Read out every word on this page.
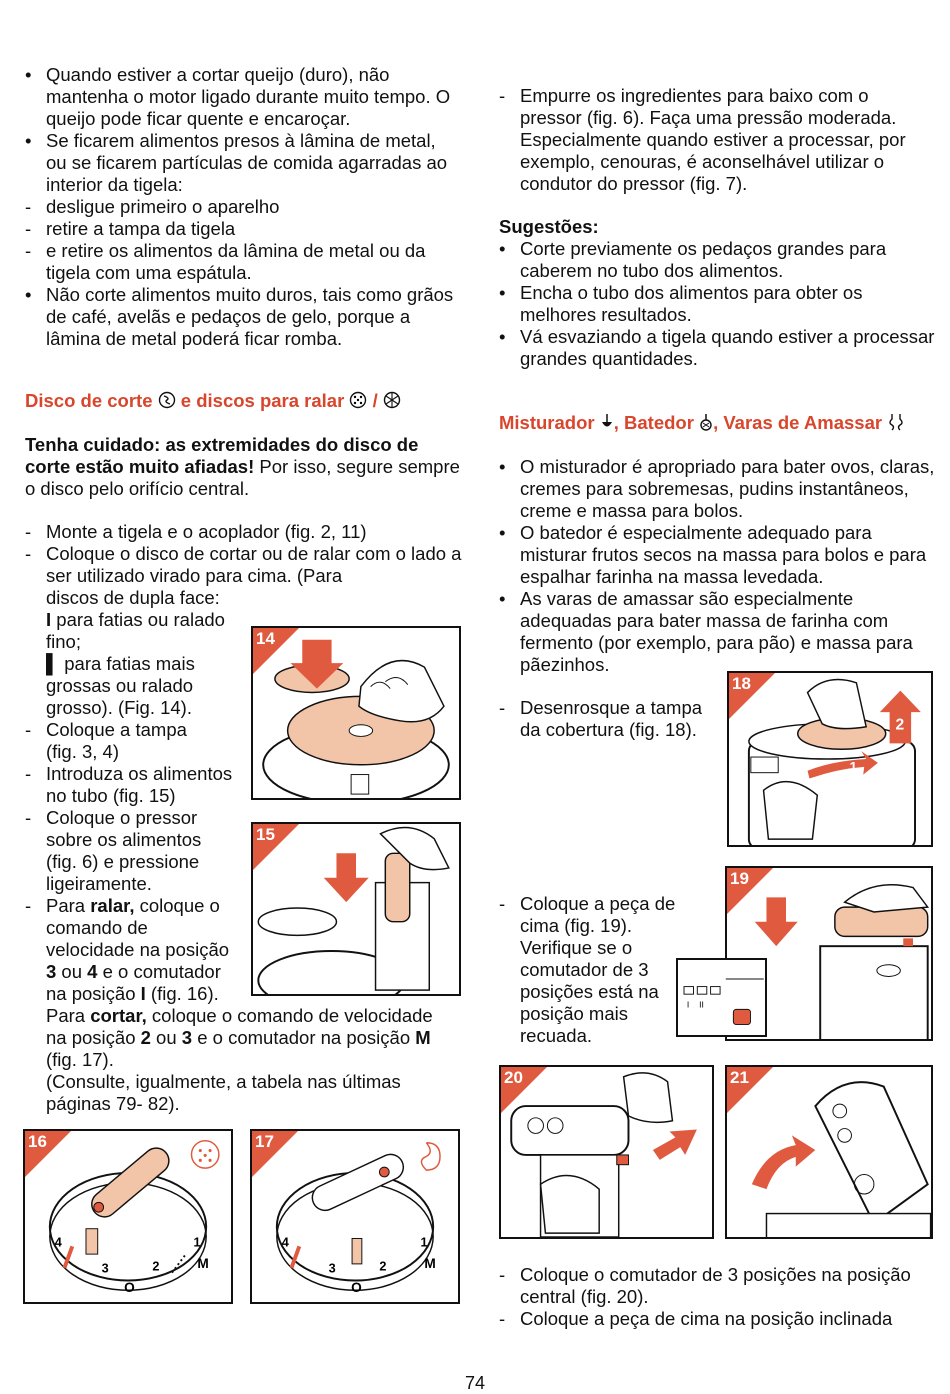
• Quando estiver a cortar queijo (duro), não mantenha o motor ligado durante muito tempo. O queijo pode ficar quente e encaroçar.

• Se ficarem alimentos presos à lâmina de metal, ou se ficarem partículas de comida agarradas ao interior da tigela:

- desligue primeiro o aparelho

- retire a tampa da tigela

- e retire os alimentos da lâmina de metal ou da tigela com uma espátula.

• Não corte alimentos muito duros, tais como grãos de café, avelãs e pedaços de gelo, porque a lâmina de metal poderá ficar romba.

Disco de corte e discos para ralar /

Tenha cuidado: as extremidades do disco de corte estão muito afiadas! Por isso, segure sempre o disco pelo orifício central.

- Monte a tigela e o acoplador (fig. 2, 11)

- Coloque o disco de cortar ou de ralar com o lado a ser utilizado virado para cima. (Para
discos de dupla face:
I para fatias ou ralado
fino;
▌ para fatias mais
grossas ou ralado
grosso). (Fig. 14).

- Coloque a tampa
(fig. 3, 4)

- Introduza os alimentos
no tubo (fig. 15)

- Coloque o pressor
sobre os alimentos
(fig. 6) e pressione
ligeiramente.

- Para ralar, coloque o
comando de
velocidade na posição
3 ou 4 e o comutador
na posição I (fig. 16).
Para cortar, coloque o comando de velocidade
na posição 2 ou 3 e o comutador na posição M
(fig. 17).
(Consulte, igualmente, a tabela nas últimas
páginas 79- 82).

14
15
4
3	2
1
M
O
16
4
3	2
1
M
O
17

- Empurre os ingredientes para baixo com o pressor (fig. 6). Faça uma pressão moderada. Especialmente quando estiver a processar, por exemplo, cenouras, é aconselhável utilizar o condutor do pressor (fig. 7).

Sugestões:

• Corte previamente os pedaços grandes para caberem no tubo dos alimentos.

• Encha o tubo dos alimentos para obter os melhores resultados.

• Vá esvaziando a tigela quando estiver a processar grandes quantidades.

Misturador , Batedor , Varas de Amassar

• O misturador é apropriado para bater ovos, claras, cremes para sobremesas, pudins instantâneos, creme e massa para bolos.

• O batedor é especialmente adequado para misturar frutos secos na massa para bolos e para espalhar farinha na massa levedada.

• As varas de amassar são especialmente adequadas para bater massa de farinha com fermento (por exemplo, para pão) e massa para pãezinhos.

- Desenrosque a tampa
da cobertura (fig. 18).

- Coloque a peça de
cima (fig. 19).
Verifique se o
comutador de 3
posições está na
posição mais
recuada.

1
2
18
19
I II
20	21

- Coloque o comutador de 3 posições na posição central (fig. 20).

- Coloque a peça de cima na posição inclinada

74
